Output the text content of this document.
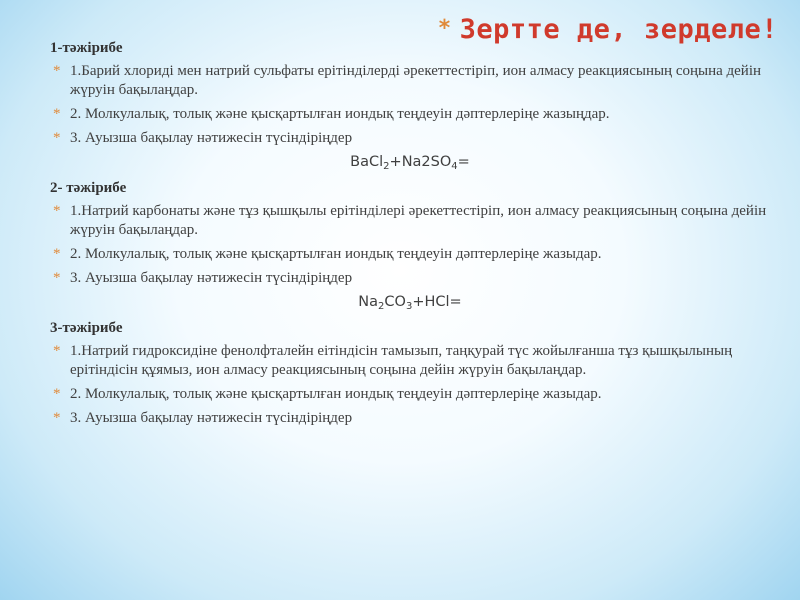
* Зертте де, зерделе!
1-тәжірибе
* 1.Барий хлориді мен натрий сульфаты ерітінділерді әрекеттестіріп, ион алмасу реакциясының соңына дейін жүруін бақылаңдар.
* 2. Молкулалық, толық және қысқартылған иондық теңдеуін дәптерлеріңе жазыңдар.
* 3. Ауызша бақылау нәтижесін түсіндіріңдер
$BaCl_2+Na2SO_4=$
2- тәжірибе
* 1.Натрий карбонаты және тұз қышқылы ерітінділері әрекеттестіріп, ион алмасу реакциясының соңына дейін жүруін бақылаңдар.
* 2. Молкулалық, толық және қысқартылған иондық теңдеуін дәптерлеріңе жазыдар.
* 3. Ауызша бақылау нәтижесін түсіндіріңдер
$Na_2CO_3+HCl=$
3-тәжірибе
* 1.Натрий гидроксидіне фенолфталейн еітіндісін тамызып, таңқурай түс жойылғанша тұз қышқылының ерітіндісін құямыз, ион алмасу реакциясының соңына дейін жүруін бақылаңдар.
* 2. Молкулалық, толық және қысқартылған иондық теңдеуін дәптерлеріңе жазыдар.
* 3. Ауызша бақылау нәтижесін түсіндіріңдер
